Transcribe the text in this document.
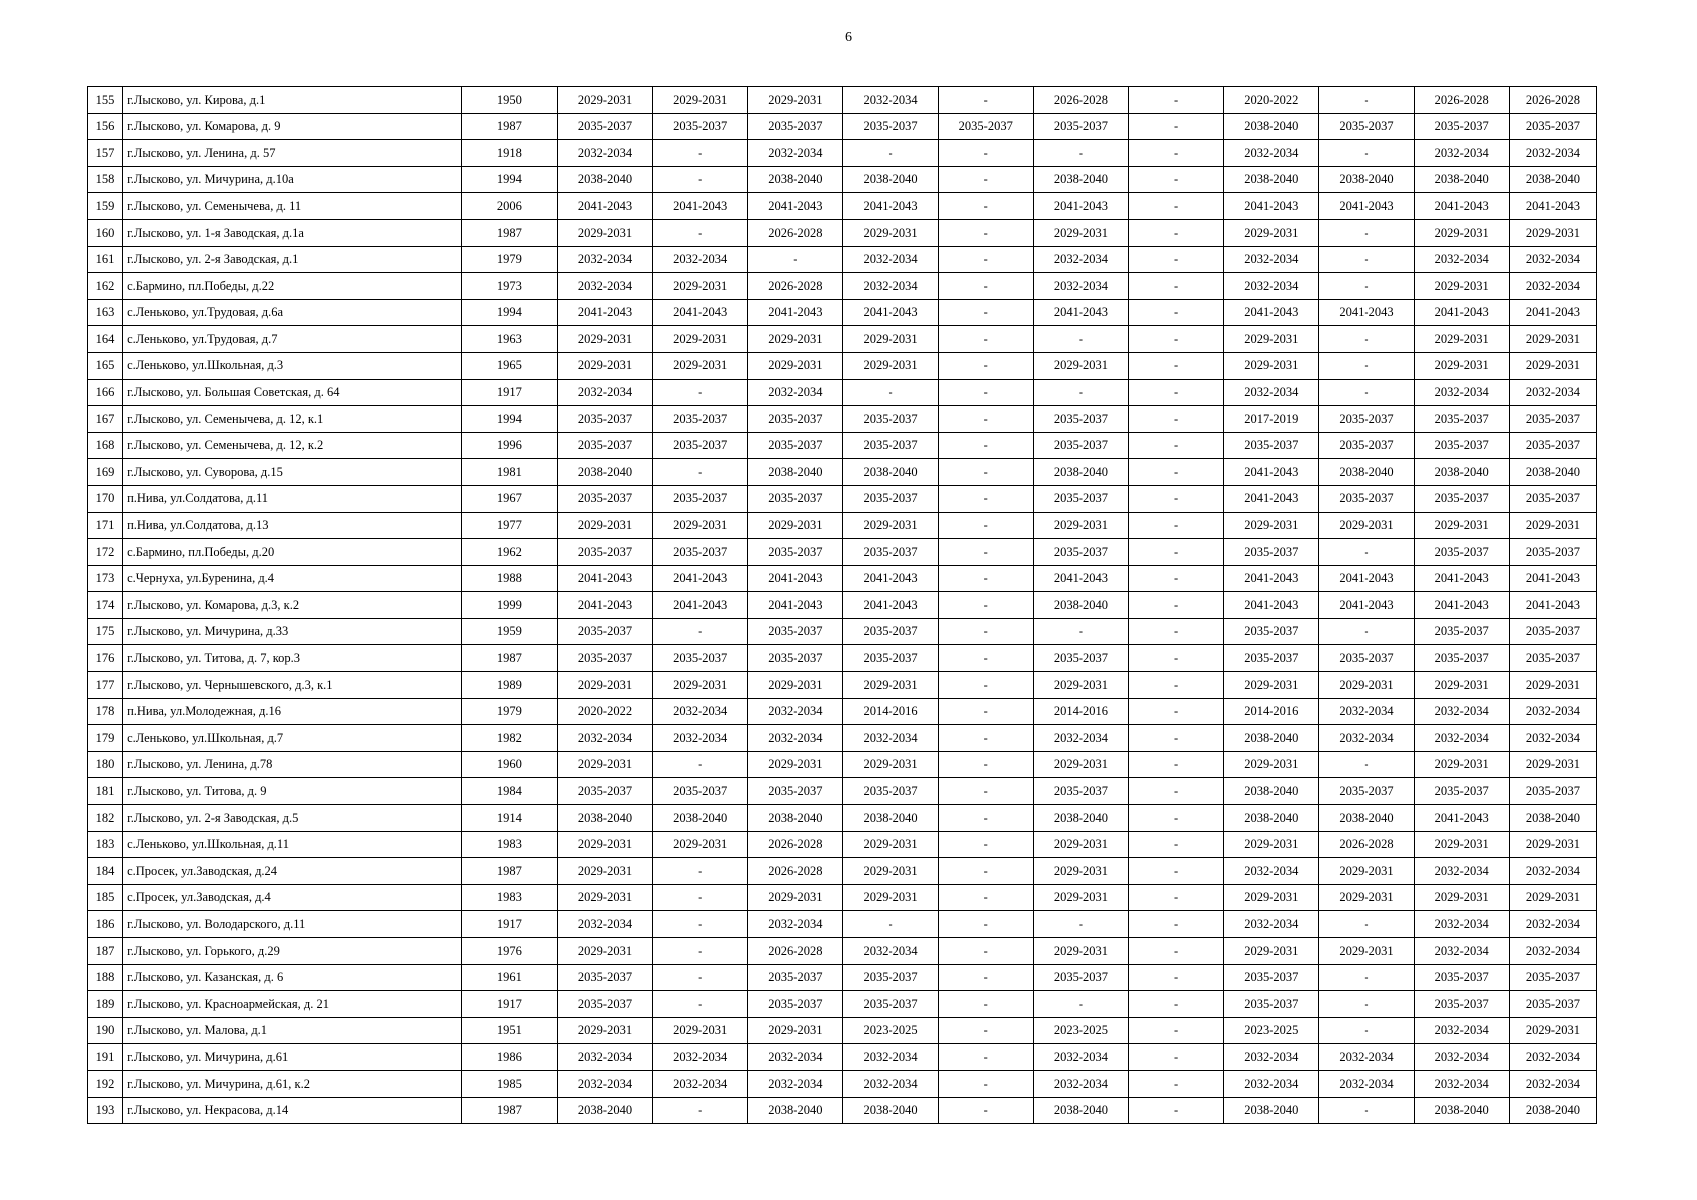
6
155	г.Лысково, ул. Кирова, д.1	1950	2029-2031	2029-2031	2029-2031	2032-2034	-	2026-2028	-	2020-2022	-	2026-2028	2026-2028
156	г.Лысково, ул. Комарова, д. 9	1987	2035-2037	2035-2037	2035-2037	2035-2037	2035-2037	2035-2037	-	2038-2040	2035-2037	2035-2037	2035-2037
157	г.Лысково, ул. Ленина, д. 57	1918	2032-2034	-	2032-2034	-	-	-	-	2032-2034	-	2032-2034	2032-2034
158	г.Лысково, ул. Мичурина, д.10а	1994	2038-2040	-	2038-2040	2038-2040	-	2038-2040	-	2038-2040	2038-2040	2038-2040	2038-2040
159	г.Лысково, ул. Семенычева, д. 11	2006	2041-2043	2041-2043	2041-2043	2041-2043	-	2041-2043	-	2041-2043	2041-2043	2041-2043	2041-2043
160	г.Лысково, ул. 1-я Заводская, д.1а	1987	2029-2031	-	2026-2028	2029-2031	-	2029-2031	-	2029-2031	-	2029-2031	2029-2031
161	г.Лысково, ул. 2-я Заводская, д.1	1979	2032-2034	2032-2034	-	2032-2034	-	2032-2034	-	2032-2034	-	2032-2034	2032-2034
162	с.Бармино, пл.Победы, д.22	1973	2032-2034	2029-2031	2026-2028	2032-2034	-	2032-2034	-	2032-2034	-	2029-2031	2032-2034
163	с.Леньково, ул.Трудовая, д.6а	1994	2041-2043	2041-2043	2041-2043	2041-2043	-	2041-2043	-	2041-2043	2041-2043	2041-2043	2041-2043
164	с.Леньково, ул.Трудовая, д.7	1963	2029-2031	2029-2031	2029-2031	2029-2031	-	-	-	2029-2031	-	2029-2031	2029-2031
165	с.Леньково, ул.Школьная, д.3	1965	2029-2031	2029-2031	2029-2031	2029-2031	-	2029-2031	-	2029-2031	-	2029-2031	2029-2031
166	г.Лысково, ул. Большая Советская, д. 64	1917	2032-2034	-	2032-2034	-	-	-	-	2032-2034	-	2032-2034	2032-2034
167	г.Лысково, ул. Семенычева, д. 12, к.1	1994	2035-2037	2035-2037	2035-2037	2035-2037	-	2035-2037	-	2017-2019	2035-2037	2035-2037	2035-2037
168	г.Лысково, ул. Семенычева, д. 12, к.2	1996	2035-2037	2035-2037	2035-2037	2035-2037	-	2035-2037	-	2035-2037	2035-2037	2035-2037	2035-2037
169	г.Лысково, ул. Суворова, д.15	1981	2038-2040	-	2038-2040	2038-2040	-	2038-2040	-	2041-2043	2038-2040	2038-2040	2038-2040
170	п.Нива, ул.Солдатова, д.11	1967	2035-2037	2035-2037	2035-2037	2035-2037	-	2035-2037	-	2041-2043	2035-2037	2035-2037	2035-2037
171	п.Нива, ул.Солдатова, д.13	1977	2029-2031	2029-2031	2029-2031	2029-2031	-	2029-2031	-	2029-2031	2029-2031	2029-2031	2029-2031
172	с.Бармино, пл.Победы, д.20	1962	2035-2037	2035-2037	2035-2037	2035-2037	-	2035-2037	-	2035-2037	-	2035-2037	2035-2037
173	с.Чернуха, ул.Буренина, д.4	1988	2041-2043	2041-2043	2041-2043	2041-2043	-	2041-2043	-	2041-2043	2041-2043	2041-2043	2041-2043
174	г.Лысково, ул. Комарова, д.3, к.2	1999	2041-2043	2041-2043	2041-2043	2041-2043	-	2038-2040	-	2041-2043	2041-2043	2041-2043	2041-2043
175	г.Лысково, ул. Мичурина, д.33	1959	2035-2037	-	2035-2037	2035-2037	-	-	-	2035-2037	-	2035-2037	2035-2037
176	г.Лысково, ул. Титова, д. 7, кор.3	1987	2035-2037	2035-2037	2035-2037	2035-2037	-	2035-2037	-	2035-2037	2035-2037	2035-2037	2035-2037
177	г.Лысково, ул. Чернышевского, д.3, к.1	1989	2029-2031	2029-2031	2029-2031	2029-2031	-	2029-2031	-	2029-2031	2029-2031	2029-2031	2029-2031
178	п.Нива, ул.Молодежная, д.16	1979	2020-2022	2032-2034	2032-2034	2014-2016	-	2014-2016	-	2014-2016	2032-2034	2032-2034	2032-2034
179	с.Леньково, ул.Школьная, д.7	1982	2032-2034	2032-2034	2032-2034	2032-2034	-	2032-2034	-	2038-2040	2032-2034	2032-2034	2032-2034
180	г.Лысково, ул. Ленина, д.78	1960	2029-2031	-	2029-2031	2029-2031	-	2029-2031	-	2029-2031	-	2029-2031	2029-2031
181	г.Лысково, ул. Титова, д. 9	1984	2035-2037	2035-2037	2035-2037	2035-2037	-	2035-2037	-	2038-2040	2035-2037	2035-2037	2035-2037
182	г.Лысково, ул. 2-я Заводская, д.5	1914	2038-2040	2038-2040	2038-2040	2038-2040	-	2038-2040	-	2038-2040	2038-2040	2041-2043	2038-2040
183	с.Леньково, ул.Школьная, д.11	1983	2029-2031	2029-2031	2026-2028	2029-2031	-	2029-2031	-	2029-2031	2026-2028	2029-2031	2029-2031
184	с.Просек, ул.Заводская, д.24	1987	2029-2031	-	2026-2028	2029-2031	-	2029-2031	-	2032-2034	2029-2031	2032-2034	2032-2034
185	с.Просек, ул.Заводская, д.4	1983	2029-2031	-	2029-2031	2029-2031	-	2029-2031	-	2029-2031	2029-2031	2029-2031	2029-2031
186	г.Лысково, ул. Володарского, д.11	1917	2032-2034	-	2032-2034	-	-	-	-	2032-2034	-	2032-2034	2032-2034
187	г.Лысково, ул. Горького, д.29	1976	2029-2031	-	2026-2028	2032-2034	-	2029-2031	-	2029-2031	2029-2031	2032-2034	2032-2034
188	г.Лысково, ул. Казанская, д. 6	1961	2035-2037	-	2035-2037	2035-2037	-	2035-2037	-	2035-2037	-	2035-2037	2035-2037
189	г.Лысково, ул. Красноармейская, д. 21	1917	2035-2037	-	2035-2037	2035-2037	-	-	-	2035-2037	-	2035-2037	2035-2037
190	г.Лысково, ул. Малова, д.1	1951	2029-2031	2029-2031	2029-2031	2023-2025	-	2023-2025	-	2023-2025	-	2032-2034	2029-2031
191	г.Лысково, ул. Мичурина, д.61	1986	2032-2034	2032-2034	2032-2034	2032-2034	-	2032-2034	-	2032-2034	2032-2034	2032-2034	2032-2034
192	г.Лысково, ул. Мичурина, д.61, к.2	1985	2032-2034	2032-2034	2032-2034	2032-2034	-	2032-2034	-	2032-2034	2032-2034	2032-2034	2032-2034
193	г.Лысково, ул. Некрасова, д.14	1987	2038-2040	-	2038-2040	2038-2040	-	2038-2040	-	2038-2040	-	2038-2040	2038-2040
